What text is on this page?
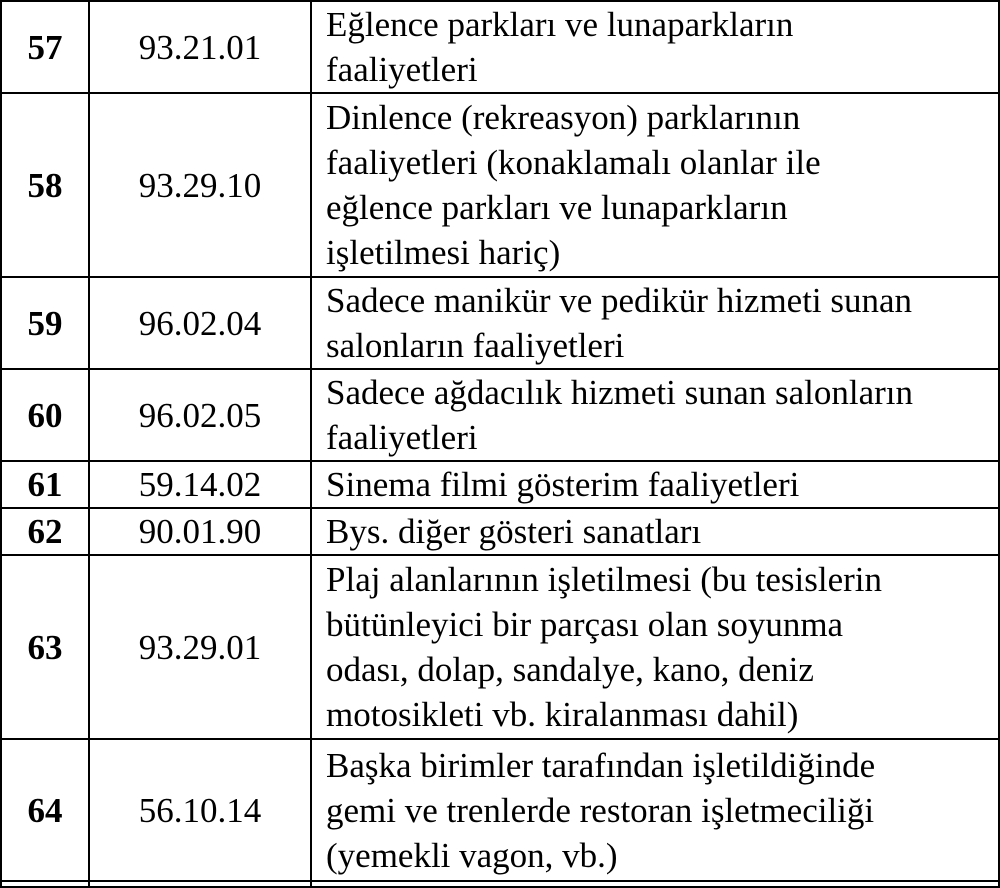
57	93.21.01	Eğlence parkları ve lunaparkların
faaliyetleri

58	93.29.10	Dinlence (rekreasyon) parklarının
faaliyetleri (konaklamalı olanlar ile
eğlence parkları ve lunaparkların
işletilmesi hariç)

59	96.02.04	Sadece manikür ve pedikür hizmeti sunan
salonların faaliyetleri

60	96.02.05	Sadece ağdacılık hizmeti sunan salonların
faaliyetleri

61	59.14.02	Sinema filmi gösterim faaliyetleri

62	90.01.90	Bys. diğer gösteri sanatları

63	93.29.01	Plaj alanlarının işletilmesi (bu tesislerin
bütünleyici bir parçası olan soyunma
odası, dolap, sandalye, kano, deniz
motosikleti vb. kiralanması dahil)

64	56.10.14	Başka birimler tarafından işletildiğinde
gemi ve trenlerde restoran işletmeciliği
(yemekli vagon, vb.)
